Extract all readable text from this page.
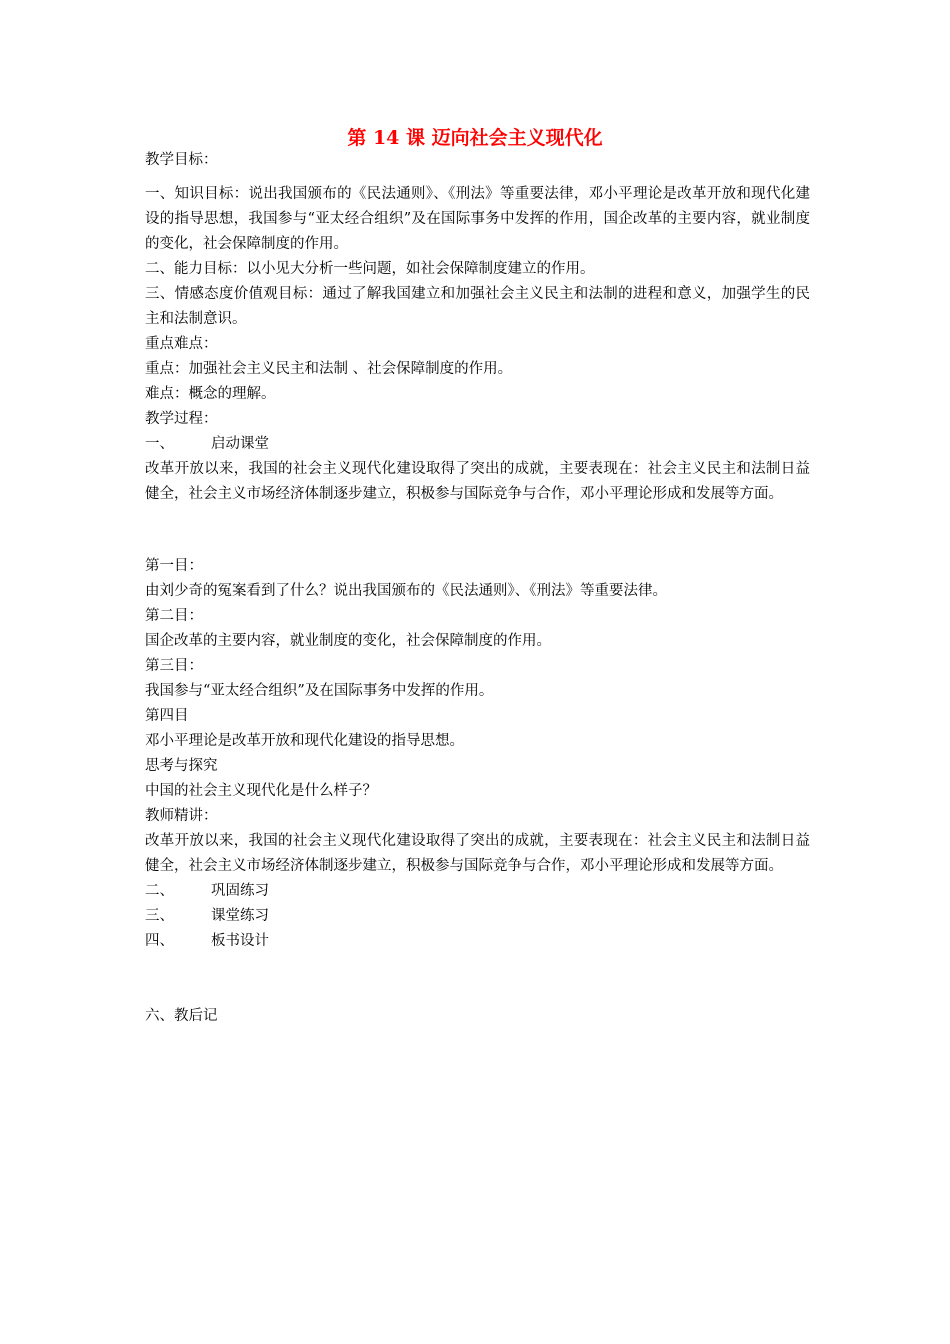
第 14 课 迈向社会主义现代化
教学目标：
一、知识目标：说出我国颁布的《民法通则》、《刑法》等重要法律，邓小平理论是改革开放和现代化建设的指导思想，我国参与“亚太经合组织”及在国际事务中发挥的作用，国企改革的主要内容，就业制度的变化，社会保障制度的作用。
二、能力目标：以小见大分析一些问题，如社会保障制度建立的作用。
三、情感态度价值观目标：通过了解我国建立和加强社会主义民主和法制的进程和意义，加强学生的民主和法制意识。
重点难点：
重点：加强社会主义民主和法制 、社会保障制度的作用。
难点：概念的理解。
教学过程：
一、	启动课堂
改革开放以来，我国的社会主义现代化建设取得了突出的成就，主要表现在：社会主义民主和法制日益健全，社会主义市场经济体制逐步建立，积极参与国际竞争与合作，邓小平理论形成和发展等方面。
第一目：
由刘少奇的冤案看到了什么？说出我国颁布的《民法通则》、《刑法》等重要法律。
第二目：
国企改革的主要内容，就业制度的变化，社会保障制度的作用。
第三目：
我国参与“亚太经合组织”及在国际事务中发挥的作用。
第四目
邓小平理论是改革开放和现代化建设的指导思想。
思考与探究
中国的社会主义现代化是什么样子？
教师精讲：
改革开放以来，我国的社会主义现代化建设取得了突出的成就，主要表现在：社会主义民主和法制日益健全，社会主义市场经济体制逐步建立，积极参与国际竞争与合作，邓小平理论形成和发展等方面。
二、	巩固练习
三、	课堂练习
四、	板书设计
六、教后记
